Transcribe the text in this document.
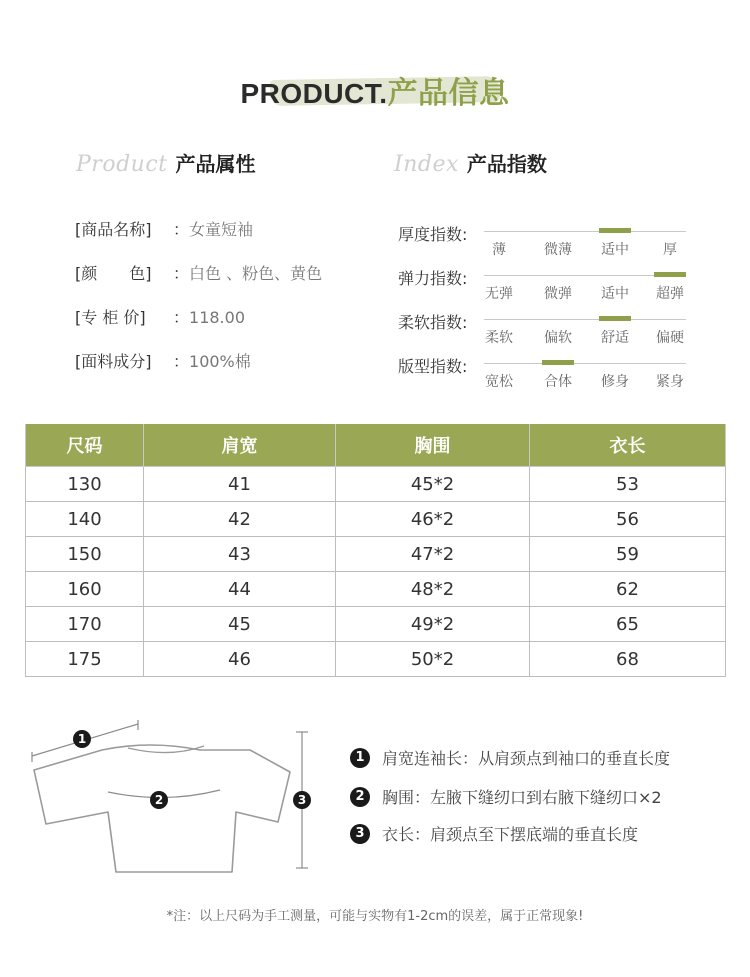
PRODUCT.产品信息
Product 产品属性	Index 产品指数
[商品名称] ：女童短袖
[颜　　色] ：白色 、粉色、黄色
[专 柜 价] ：118.00
[面料成分] ：100%棉
厚度指数:
薄	微薄	适中	厚
弹力指数:
无弹	微弹	适中	超弹
柔软指数:
柔软	偏软	舒适	偏硬
版型指数:
宽松	合体	修身	紧身
尺码	肩宽	胸围	衣长
130	41	45*2	53
140	42	46*2	56
150	43	47*2	59
160	44	48*2	62
170	45	49*2	65
175	46	50*2	68
1
2	3
1 肩宽连袖长：从肩颈点到袖口的垂直长度
2 胸围：左腋下缝纫口到右腋下缝纫口×2
3 衣长：肩颈点至下摆底端的垂直长度
*注：以上尺码为手工测量，可能与实物有1-2cm的误差，属于正常现象!
